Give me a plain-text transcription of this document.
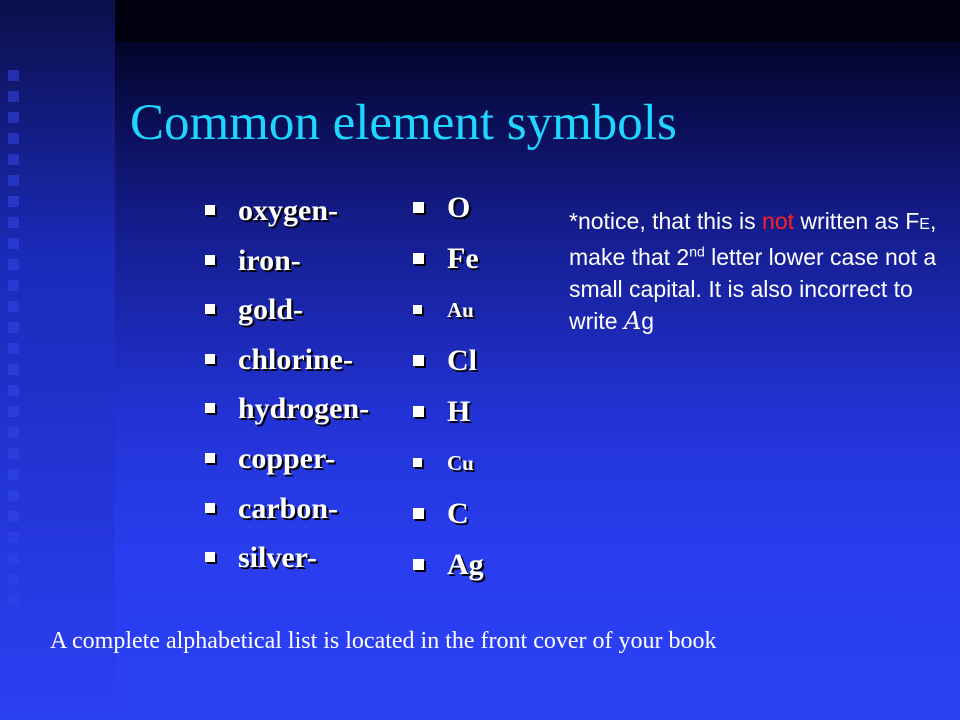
Common element symbols
oxygen-
iron-
gold-
chlorine-
hydrogen-
copper-
carbon-
silver-
O
Fe
Au
Cl
H
Cu
C
Ag
*notice, that this is not written as FE, make that 2nd letter lower case not a small capital. It is also incorrect to write Ag
A complete alphabetical list is located in the front cover of your book
